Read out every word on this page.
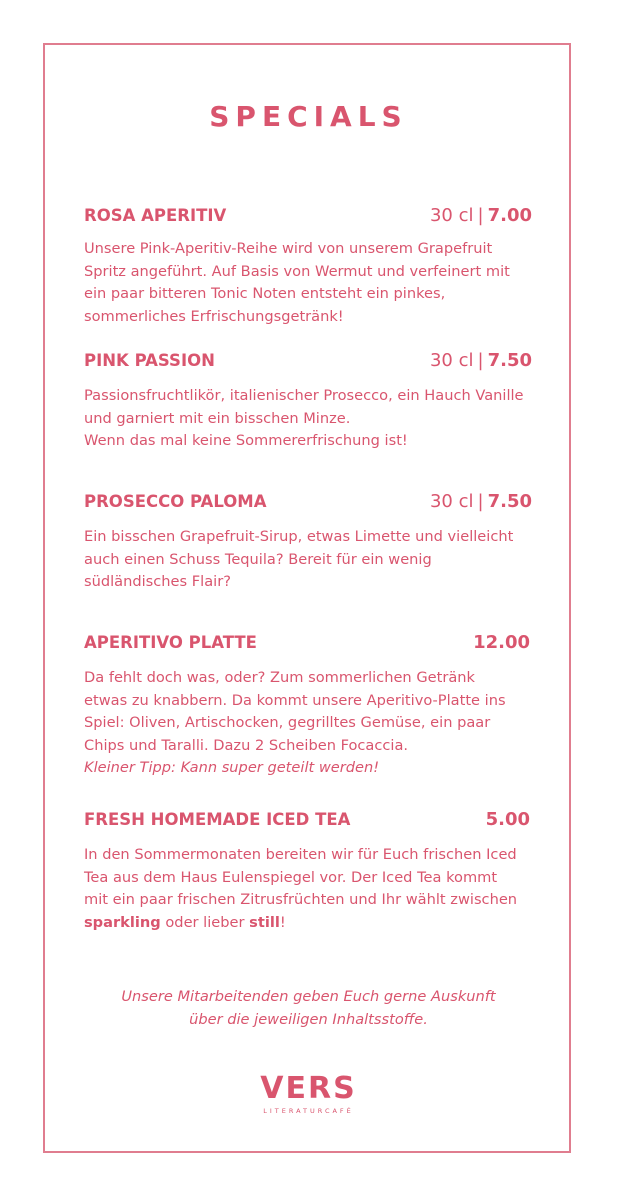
SPECIALS
ROSA APERITIV	30 cl | 7.00
Unsere Pink-Aperitiv-Reihe wird von unserem Grapefruit
Spritz angeführt. Auf Basis von Wermut und verfeinert mit
ein paar bitteren Tonic Noten entsteht ein pinkes,
sommerliches Erfrischungsgetränk!
PINK PASSION	30 cl | 7.50
Passionsfruchtlikör, italienischer Prosecco, ein Hauch Vanille
und garniert mit ein bisschen Minze.
Wenn das mal keine Sommererfrischung ist!
PROSECCO PALOMA	30 cl | 7.50
Ein bisschen Grapefruit-Sirup, etwas Limette und vielleicht
auch einen Schuss Tequila? Bereit für ein wenig
südländisches Flair?
APERITIVO PLATTE	12.00
Da fehlt doch was, oder? Zum sommerlichen Getränk
etwas zu knabbern. Da kommt unsere Aperitivo-Platte ins
Spiel: Oliven, Artischocken, gegrilltes Gemüse, ein paar
Chips und Taralli. Dazu 2 Scheiben Focaccia.
Kleiner Tipp: Kann super geteilt werden!
FRESH HOMEMADE ICED TEA	5.00
In den Sommermonaten bereiten wir für Euch frischen Iced
Tea aus dem Haus Eulenspiegel vor. Der Iced Tea kommt
mit ein paar frischen Zitrusfrüchten und Ihr wählt zwischen
sparkling oder lieber still!
Unsere Mitarbeitenden geben Euch gerne Auskunft
über die jeweiligen Inhaltsstoffe.
VERS
LITERATURCAFÉ
